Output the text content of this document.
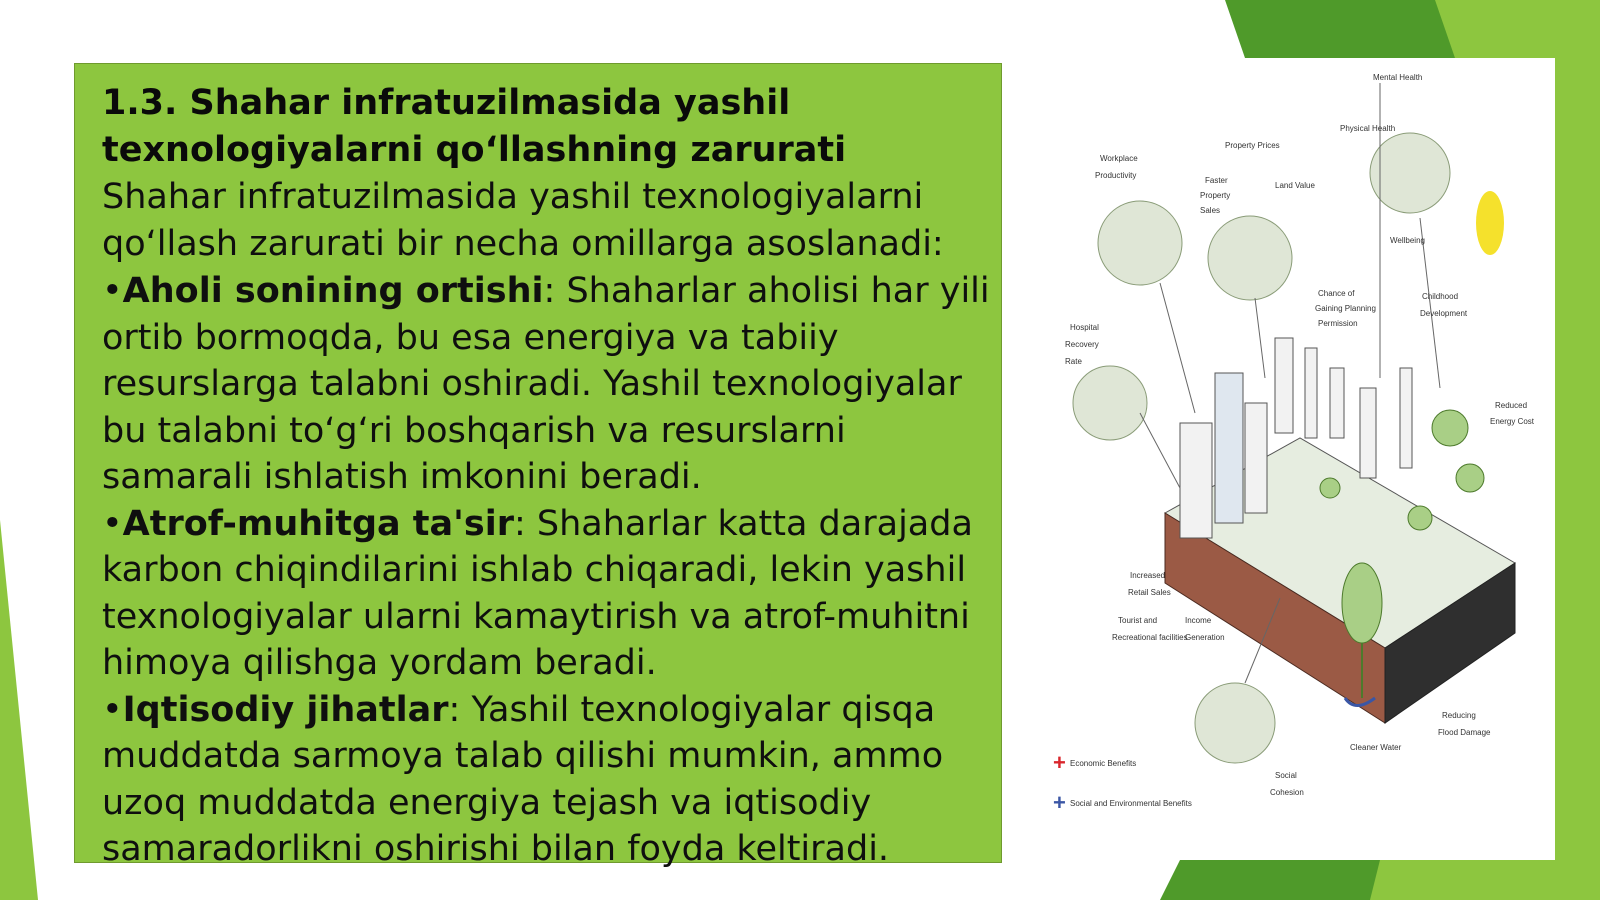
1.3. Shahar infratuzilmasida yashil texnologiyalarni qo‘llashning zarurati

Shahar infratuzilmasida yashil texnologiyalarni qo‘llash zarurati bir necha omillarga asoslanadi:

•Aholi sonining ortishi: Shaharlar aholisi har yili ortib bormoqda, bu esa energiya va tabiiy resurslarga talabni oshiradi. Yashil texnologiyalar bu talabni to‘g‘ri boshqarish va resurslarni samarali ishlatish imkonini beradi.

•Atrof-muhitga ta'sir: Shaharlar katta darajada karbon chiqindilarini ishlab chiqaradi, lekin yashil texnologiyalar ularni kamaytirish va atrof-muhitni himoya qilishga yordam beradi.

•Iqtisodiy jihatlar: Yashil texnologiyalar qisqa muddatda sarmoya talab qilishi mumkin, ammo uzoq muddatda energiya tejash va iqtisodiy samaradorlikni oshirishi bilan foyda keltiradi.

Mental Health
Physical Health
Workplace
Productivity
Property Prices
Faster
Property
Sales
Land Value
Wellbeing
Chance of
Gaining Planning
Permission
Childhood
Development
Hospital
Recovery
Rate
Reduced
Energy Cost
Increased
Retail Sales
Tourist and
Recreational facilities
Income
Generation
Reducing
Flood Damage
Cleaner Water
Social
Cohesion
+ Economic Benefits
+ Social and Environmental Benefits
